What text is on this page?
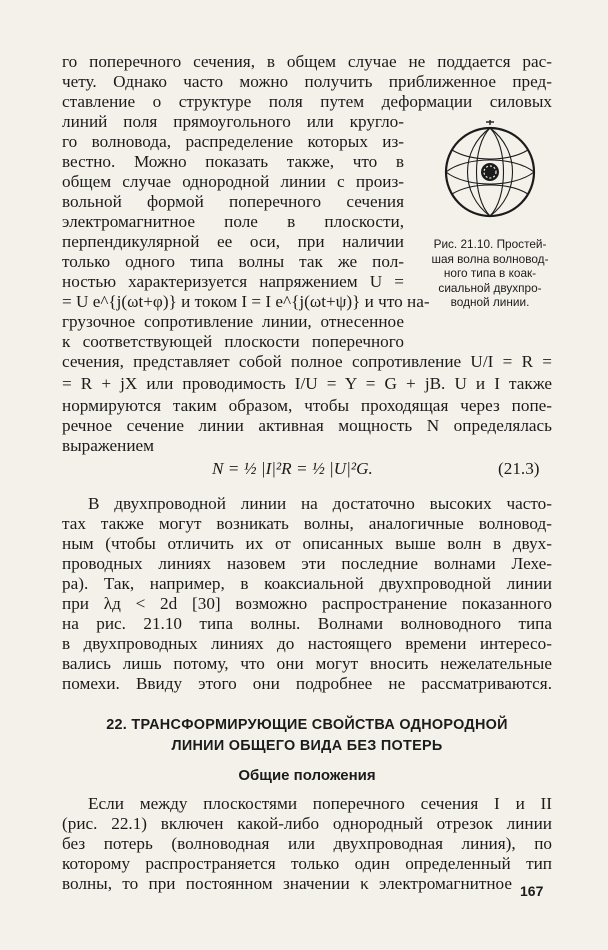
го поперечного сечения, в общем случае не поддается рас-
чету. Однако часто можно получить приближенное пред-
ставление о структуре поля путем деформации силовых
линий поля прямоугольного или кругло-
го волновода, распределение которых из-
вестно. Можно показать также, что в
общем случае однородной линии с произ-
вольной формой поперечного сечения
электромагнитное поле в плоскости,
перпендикулярной ее оси, при наличии
только одного типа волны так же пол-
ностью характеризуется напряжением U =
= U e^{j(ωt+φ)} и током I = I e^{j(ωt+ψ)} и что на-
грузочное сопротивление линии, отнесенное
к соответствующей плоскости поперечного
Рис. 21.10. Простей-
шая волна волновод-
ного типа в коак-
сиальной двухпро-
водной линии.
сечения, представляет собой полное сопротивление U/I = R =
= R + jX или проводимость I/U = Y = G + jB. U и I также
нормируются таким образом, чтобы проходящая через попе-
речное сечение линии активная мощность N определялась
выражением
N = ½ |I|²R = ½ |U|²G.	(21.3)
В двухпроводной линии на достаточно высоких часто-
тах также могут возникать волны, аналогичные волновод-
ным (чтобы отличить их от описанных выше волн в двух-
проводных линиях назовем эти последние волнами Лехе-
ра). Так, например, в коаксиальной двухпроводной линии
при λд < 2d [30] возможно распространение показанного
на рис. 21.10 типа волны. Волнами волноводного типа
в двухпроводных линиях до настоящего времени интересо-
вались лишь потому, что они могут вносить нежелательные
помехи. Ввиду этого они подробнее не рассматриваются.
22. ТРАНСФОРМИРУЮЩИЕ СВОЙСТВА ОДНОРОДНОЙ
ЛИНИИ ОБЩЕГО ВИДА БЕЗ ПОТЕРЬ
Общие положения
Если между плоскостями поперечного сечения I и II
(рис. 22.1) включен какой-либо однородный отрезок линии
без потерь (волноводная или двухпроводная линия), по
которому распространяется только один определенный тип
волны, то при постоянном значении κ электромагнитное 167
